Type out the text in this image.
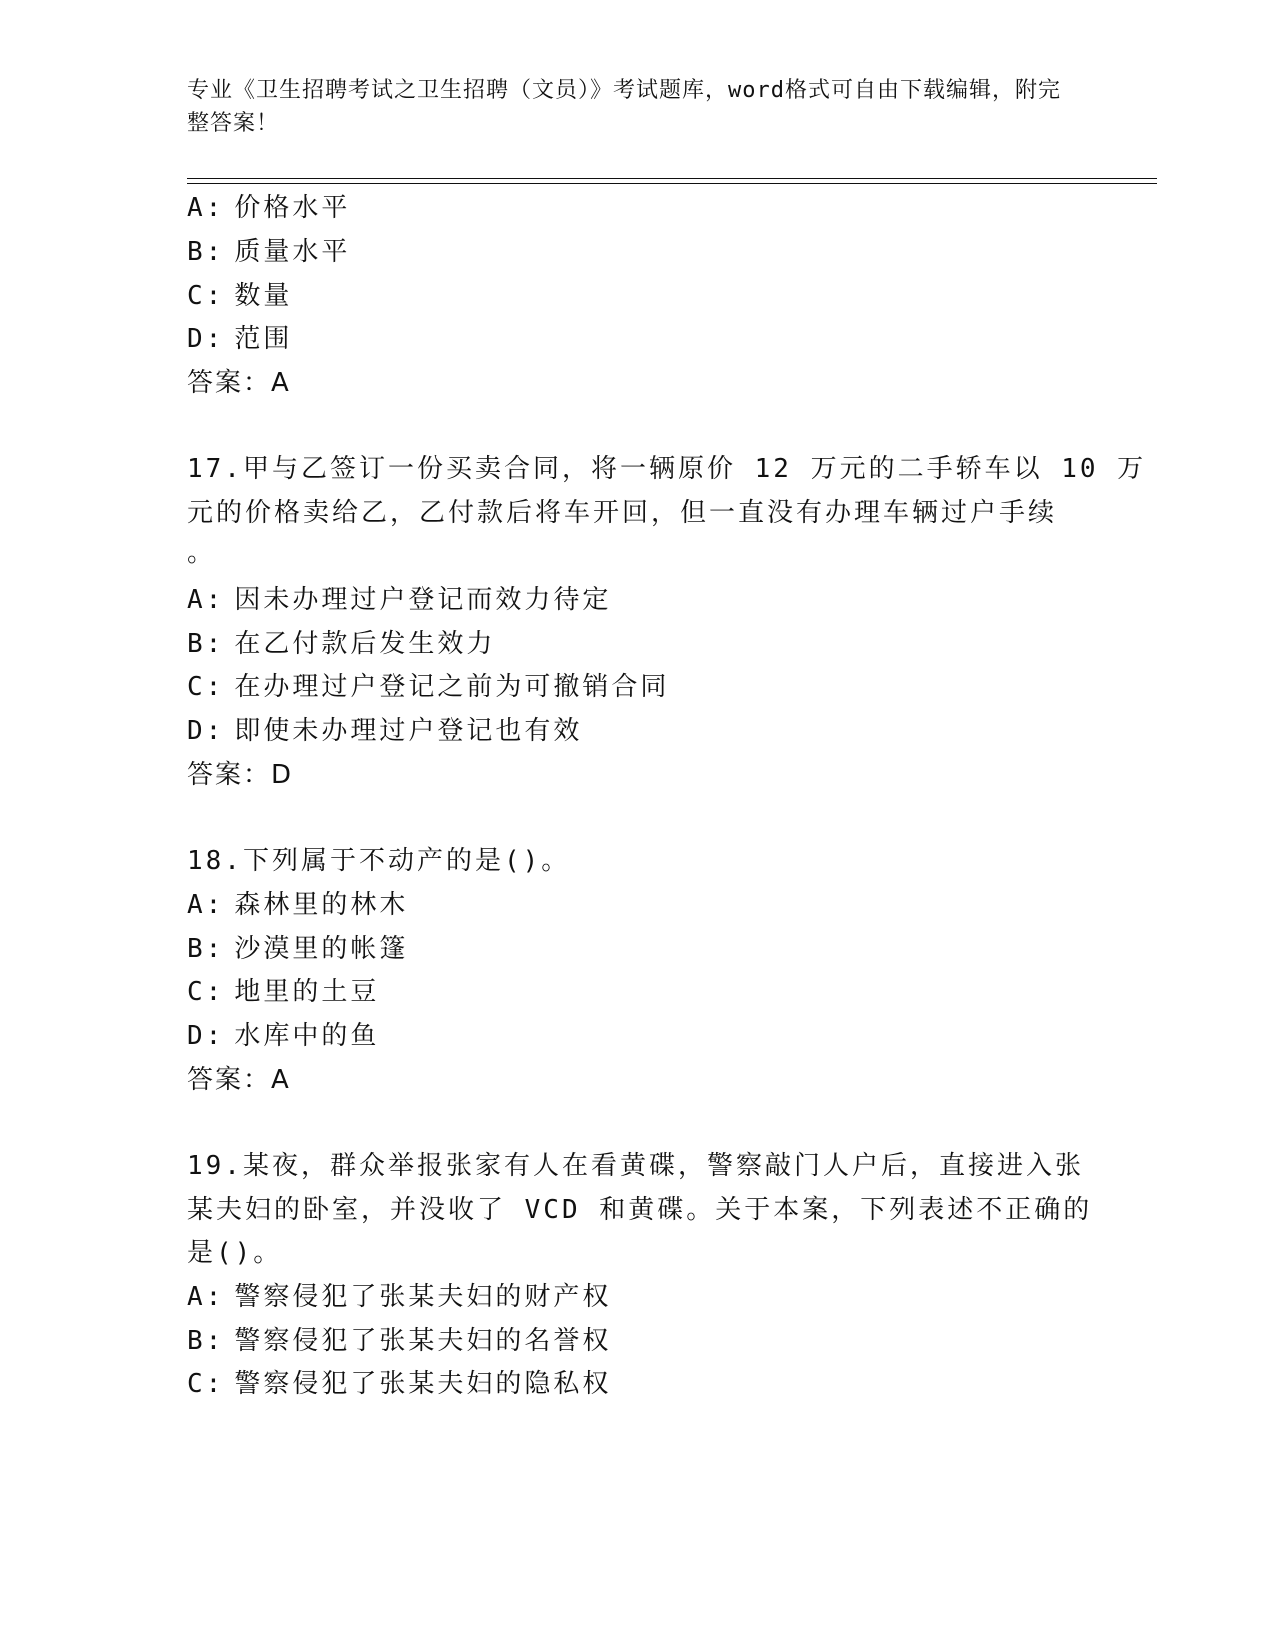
专业《卫生招聘考试之卫生招聘（文员）》考试题库，word格式可自由下载编辑，附完整答案！
A: 价格水平
B: 质量水平
C: 数量
D: 范围
答案：A
17.甲与乙签订一份买卖合同，将一辆原价 12 万元的二手轿车以 10 万
元的价格卖给乙，乙付款后将车开回，但一直没有办理车辆过户手续
。
A: 因未办理过户登记而效力待定
B: 在乙付款后发生效力
C: 在办理过户登记之前为可撤销合同
D: 即使未办理过户登记也有效
答案：D
18.下列属于不动产的是()。
A: 森林里的林木
B: 沙漠里的帐篷
C: 地里的土豆
D: 水库中的鱼
答案：A
19.某夜，群众举报张家有人在看黄碟，警察敲门人户后，直接进入张
某夫妇的卧室，并没收了 VCD 和黄碟。关于本案，下列表述不正确的
是()。
A: 警察侵犯了张某夫妇的财产权
B: 警察侵犯了张某夫妇的名誉权
C: 警察侵犯了张某夫妇的隐私权
